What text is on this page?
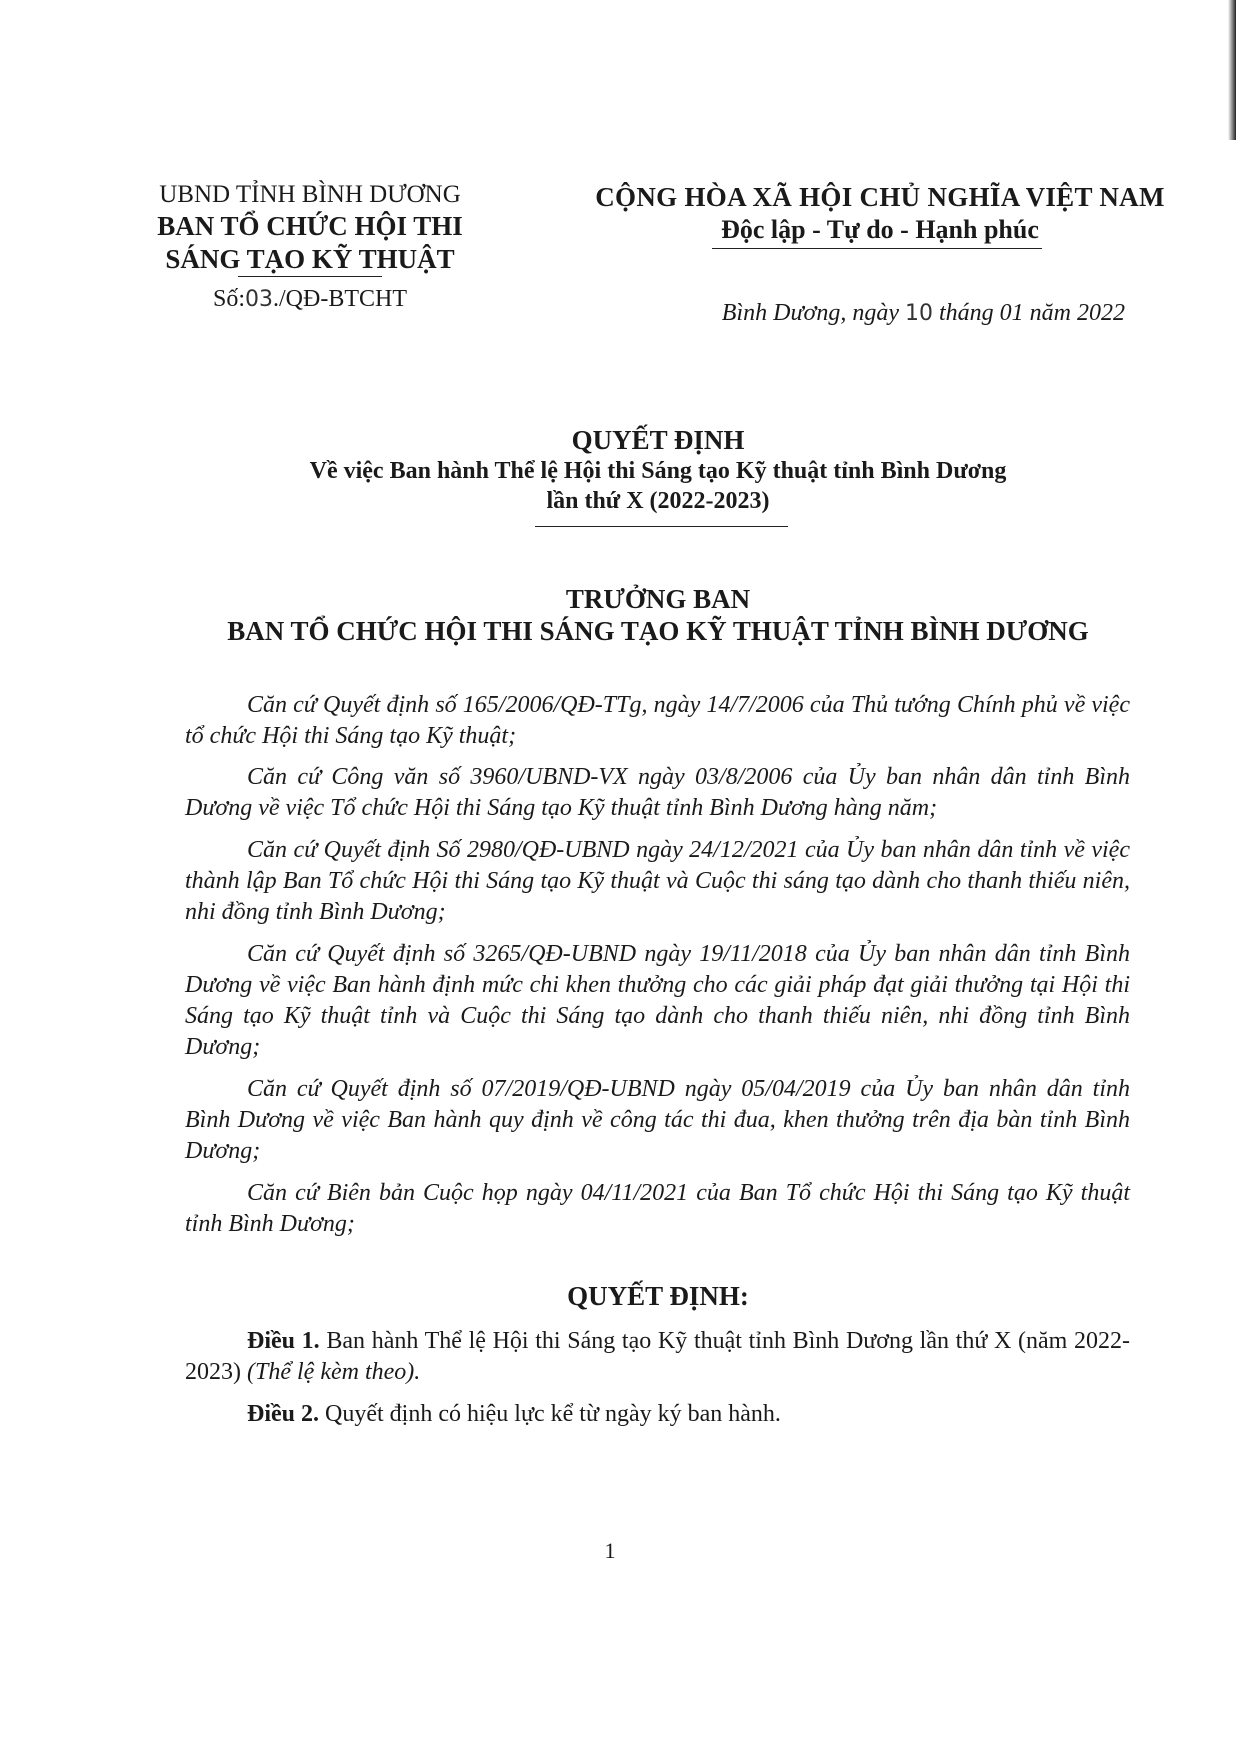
UBND TỈNH BÌNH DƯƠNG
BAN TỔ CHỨC HỘI THI
SÁNG TẠO KỸ THUẬT
Số:03./QĐ-BTCHT
CỘNG HÒA XÃ HỘI CHỦ NGHĨA VIỆT NAM
Độc lập - Tự do - Hạnh phúc
Bình Dương, ngày 10 tháng 01 năm 2022
QUYẾT ĐỊNH
Về việc Ban hành Thể lệ Hội thi Sáng tạo Kỹ thuật tỉnh Bình Dương
lần thứ X (2022-2023)
TRƯỞNG BAN
BAN TỔ CHỨC HỘI THI SÁNG TẠO KỸ THUẬT TỈNH BÌNH DƯƠNG
Căn cứ Quyết định số 165/2006/QĐ-TTg, ngày 14/7/2006 của Thủ tướng Chính phủ về việc tổ chức Hội thi Sáng tạo Kỹ thuật;
Căn cứ Công văn số 3960/UBND-VX ngày 03/8/2006 của Ủy ban nhân dân tỉnh Bình Dương về việc Tổ chức Hội thi Sáng tạo Kỹ thuật tỉnh Bình Dương hàng năm;
Căn cứ Quyết định Số 2980/QĐ-UBND ngày 24/12/2021 của Ủy ban nhân dân tỉnh về việc thành lập Ban Tổ chức Hội thi Sáng tạo Kỹ thuật và Cuộc thi sáng tạo dành cho thanh thiếu niên, nhi đồng tỉnh Bình Dương;
Căn cứ Quyết định số 3265/QĐ-UBND ngày 19/11/2018 của Ủy ban nhân dân tỉnh Bình Dương về việc Ban hành định mức chi khen thưởng cho các giải pháp đạt giải thưởng tại Hội thi Sáng tạo Kỹ thuật tỉnh và Cuộc thi Sáng tạo dành cho thanh thiếu niên, nhi đồng tỉnh Bình Dương;
Căn cứ Quyết định số 07/2019/QĐ-UBND ngày 05/04/2019 của Ủy ban nhân dân tỉnh Bình Dương về việc Ban hành quy định về công tác thi đua, khen thưởng trên địa bàn tỉnh Bình Dương;
Căn cứ Biên bản Cuộc họp ngày 04/11/2021 của Ban Tổ chức Hội thi Sáng tạo Kỹ thuật tỉnh Bình Dương;
QUYẾT ĐỊNH:
Điều 1. Ban hành Thể lệ Hội thi Sáng tạo Kỹ thuật tỉnh Bình Dương lần thứ X (năm 2022-2023) (Thể lệ kèm theo).
Điều 2. Quyết định có hiệu lực kể từ ngày ký ban hành.
1
